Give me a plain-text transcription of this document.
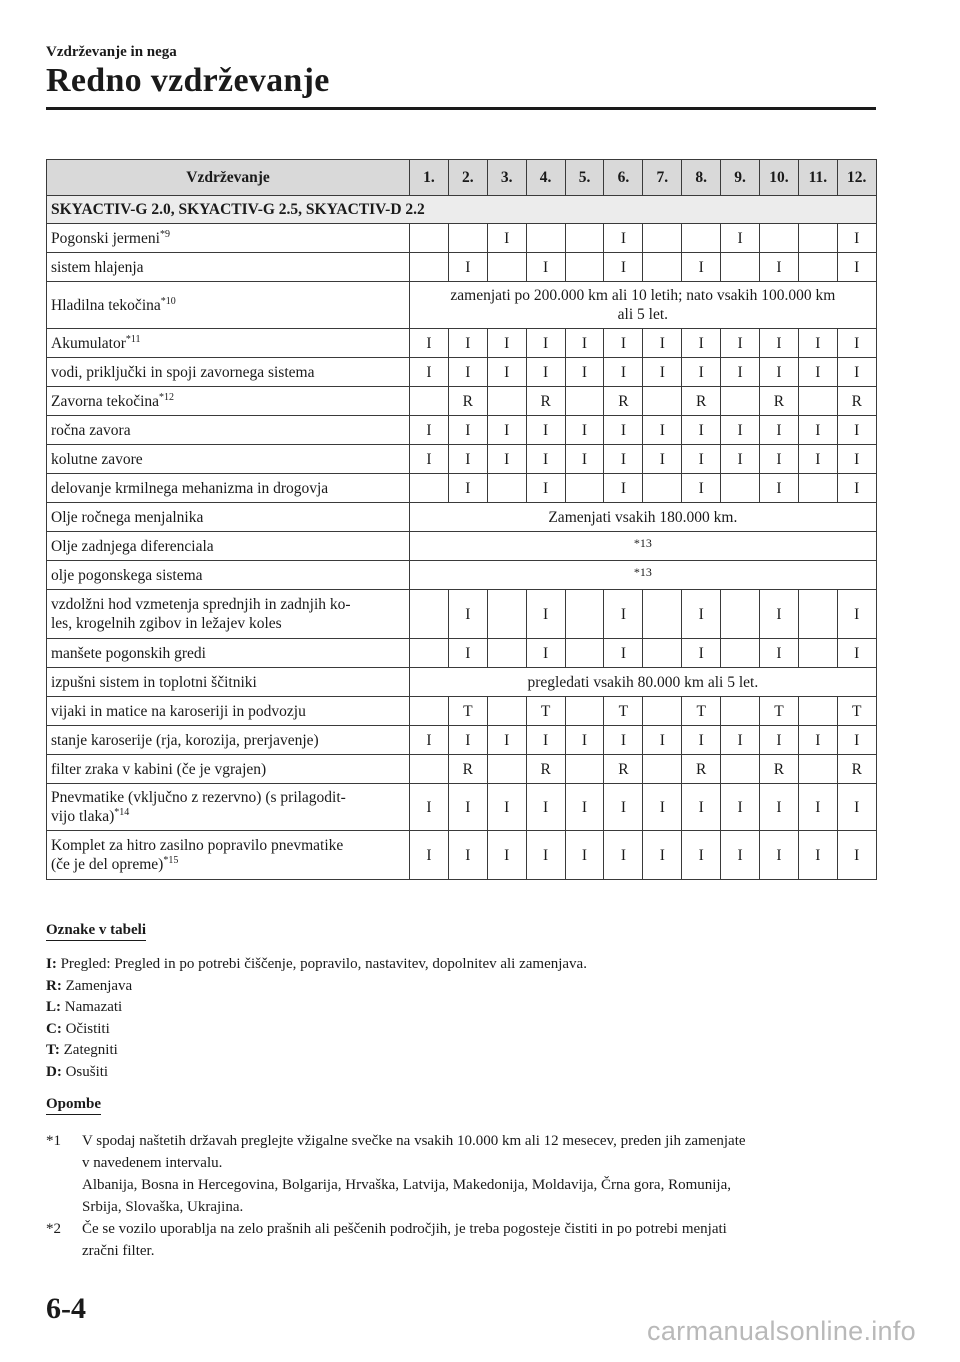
Vzdrževanje in nega
Redno vzdrževanje
Vzdrževanje	1.	2.	3.	4.	5.	6.	7.	8.	9.	10.	11.	12.
SKYACTIV-G 2.0, SKYACTIV-G 2.5, SKYACTIV-D 2.2												
Pogonski jermeni$^{*9}$			I			I			I			I
sistem hlajenja		I		I		I		I		I		I
Hladilna tekočina$^{*10}$	zamenjati po 200.000 km ali 10 letih; nato vsakih 100.000 km
ali 5 let.											

Akumulator$^{*11}$	I	I	I	I	I	I	I	I	I	I	I	I
vodi, priključki in spoji zavornega sistema	I	I	I	I	I	I	I	I	I	I	I	I
Zavorna tekočina$^{*12}$		R		R		R		R		R		R
ročna zavora	I	I	I	I	I	I	I	I	I	I	I	I
kolutne zavore	I	I	I	I	I	I	I	I	I	I	I	I
delovanje krmilnega mehanizma in drogovja		I		I		I		I		I		I
Olje ročnega menjalnika	Zamenjati vsakih 180.000 km.											
Olje zadnjega diferenciala	*13											
olje pogonskega sistema	*13											

vzdolžni hod vzmetenja sprednjih in zadnjih ko-
les, krogelnih zgibov in ležajev koles		I		I		I		I		I		I
manšete pogonskih gredi		I		I		I		I		I		I
izpušni sistem in toplotni ščitniki	pregledati vsakih 80.000 km ali 5 let.											
vijaki in matice na karoseriji in podvozju		T		T		T		T		T		T
stanje karoserije (rja, korozija, prerjavenje)	I	I	I	I	I	I	I	I	I	I	I	I
filter zraka v kabini (če je vgrajen)		R		R		R		R		R		R

Pnevmatike (vključno z rezervno) (s prilagodit-
vijo tlaka)$^{*14}$	I	I	I	I	I	I	I	I	I	I	I	I

Komplet za hitro zasilno popravilo pnevmatike
(če je del opreme)$^{*15}$	I	I	I	I	I	I	I	I	I	I	I	I
Oznake v tabeli
I: Pregled: Pregled in po potrebi čiščenje, popravilo, nastavitev, dopolnitev ali zamenjava.
R: Zamenjava
L: Namazati
C: Očistiti
T: Zategniti
D: Osušiti
Opombe
*1 V spodaj naštetih državah preglejte vžigalne svečke na vsakih 10.000 km ali 12 mesecev, preden jih zamenjate
v navedenem intervalu.
Albanija, Bosna in Hercegovina, Bolgarija, Hrvaška, Latvija, Makedonija, Moldavija, Črna gora, Romunija,
Srbija, Slovaška, Ukrajina.
*2 Če se vozilo uporablja na zelo prašnih ali peščenih področjih, je treba pogosteje čistiti in po potrebi menjati
zračni filter.
6-4
carmanualsonline.info
